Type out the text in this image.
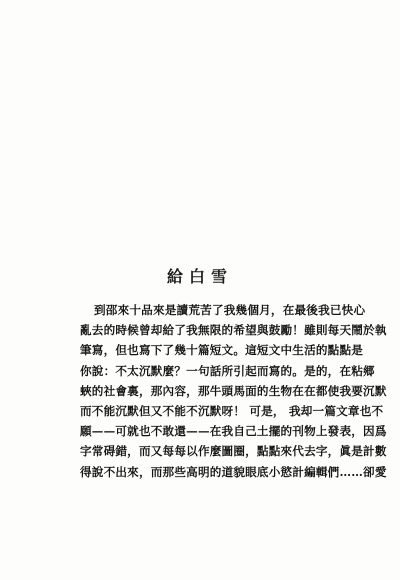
給白雪
到邵來十品來是讀荒苦了我幾個月，在最後我已快心
亂去的時候曾却給了我無限的希望與鼓勵！雖則每天鬧於執
筆寫，但也寫下了幾十篇短文。這短文中生活的點點是
你說：不太沉默麼？一句話所引起而寫的。是的，在粘郷
蛺的社會裏，那內容，那牛頭馬面的生物在在都使我要沉默
而不能沉默但又不能不沉默呀！ 可是， 我却一篇文章也不
願——可就也不敢還——在我自己土擺的刊物上發表，因爲
字常碍錯，而又每每以作麼圖圈，點點來代去字，眞是計數
得說不出來，而那些高明的道貌眼底小慾計編輯們……卻愛
